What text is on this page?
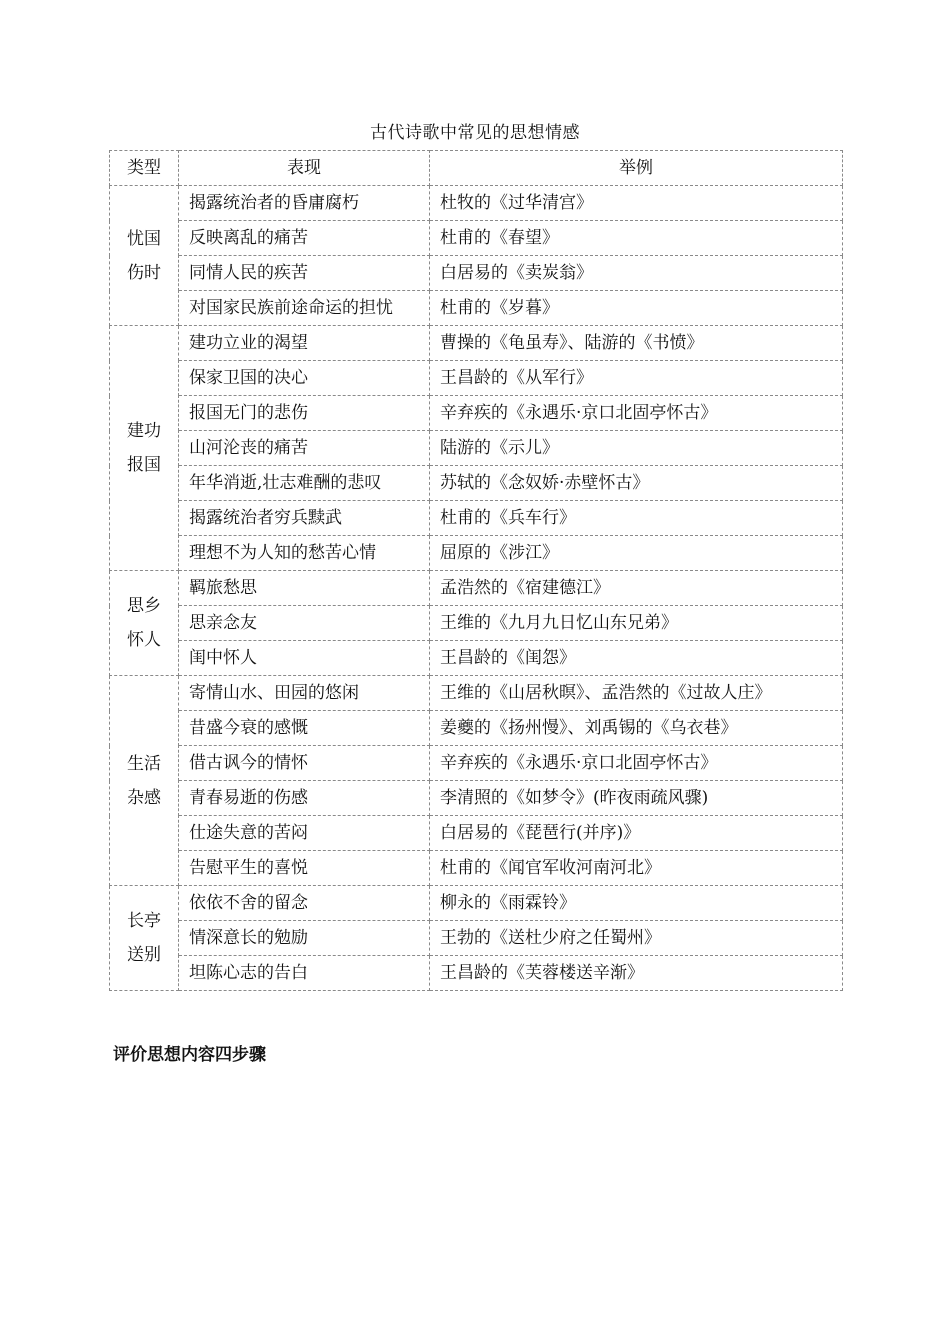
古代诗歌中常见的思想情感
类型	表现	举例

忧国
伤时	揭露统治者的昏庸腐朽	杜牧的《过华清宫》
	反映离乱的痛苦	杜甫的《春望》
	同情人民的疾苦	白居易的《卖炭翁》
	对国家民族前途命运的担忧	杜甫的《岁暮》

建功
报国	建功立业的渴望	曹操的《龟虽寿》、陆游的《书愤》
	保家卫国的决心	王昌龄的《从军行》
	报国无门的悲伤	辛弃疾的《永遇乐·京口北固亭怀古》
	山河沦丧的痛苦	陆游的《示儿》
	年华消逝,壮志难酬的悲叹	苏轼的《念奴娇·赤壁怀古》
	揭露统治者穷兵黩武	杜甫的《兵车行》
	理想不为人知的愁苦心情	屈原的《涉江》

思乡
怀人	羁旅愁思	孟浩然的《宿建德江》
	思亲念友	王维的《九月九日忆山东兄弟》
	闺中怀人	王昌龄的《闺怨》

生活
杂感	寄情山水、田园的悠闲	王维的《山居秋暝》、孟浩然的《过故人庄》
	昔盛今衰的感慨	姜夔的《扬州慢》、刘禹锡的《乌衣巷》
	借古讽今的情怀	辛弃疾的《永遇乐·京口北固亭怀古》
	青春易逝的伤感	李清照的《如梦令》(昨夜雨疏风骤)
	仕途失意的苦闷	白居易的《琵琶行(并序)》
	告慰平生的喜悦	杜甫的《闻官军收河南河北》

长亭
送别	依依不舍的留念	柳永的《雨霖铃》
	情深意长的勉励	王勃的《送杜少府之任蜀州》
	坦陈心志的告白	王昌龄的《芙蓉楼送辛渐》
评价思想内容四步骤
